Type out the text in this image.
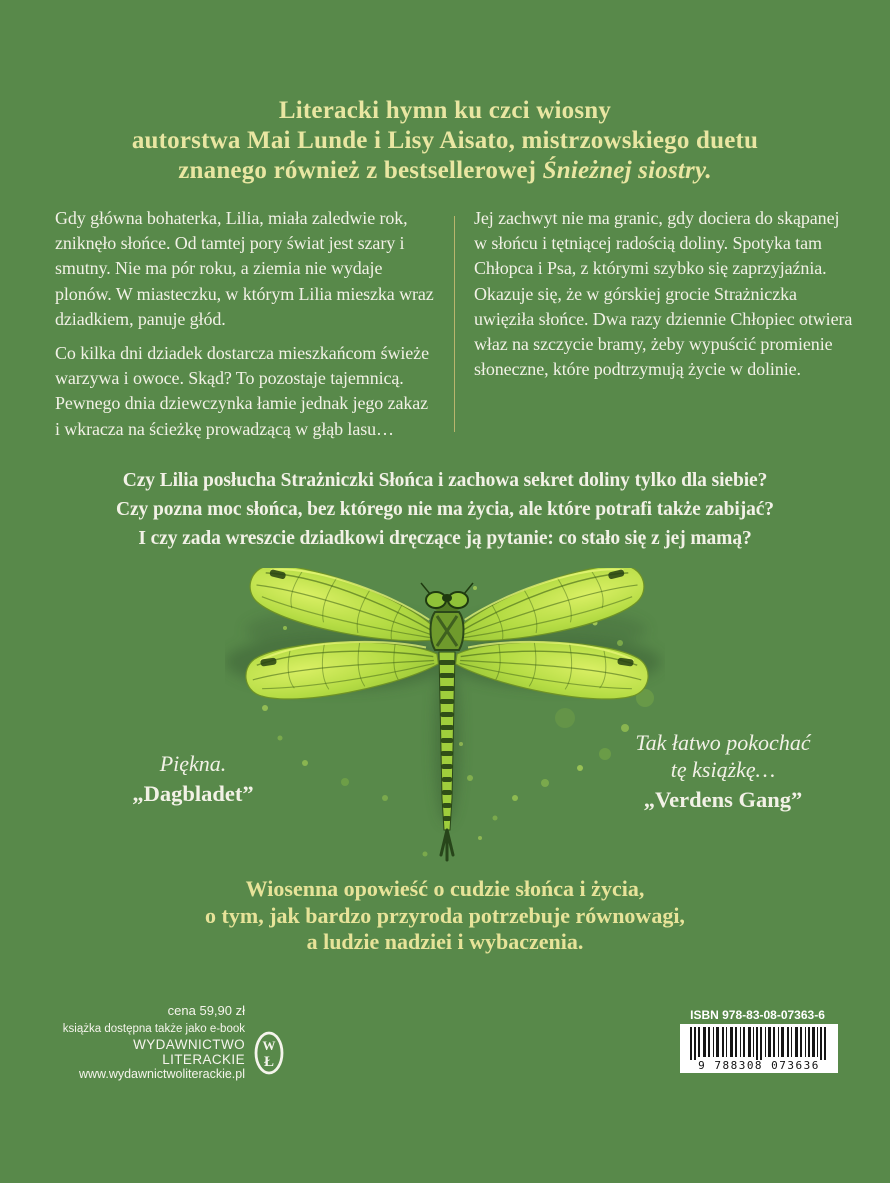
Literacki hymn ku czci wiosny
autorstwa Mai Lunde i Lisy Aisato, mistrzowskiego duetu
znanego również z bestsellerowej Śnieżnej siostry.

Gdy główna bohaterka, Lilia, miała zaledwie rok, zniknęło słońce. Od tamtej pory świat jest szary i smutny. Nie ma pór roku, a ziemia nie wydaje plonów. W miasteczku, w którym Lilia mieszka wraz dziadkiem, panuje głód.

Co kilka dni dziadek dostarcza mieszkańcom świeże warzywa i owoce. Skąd? To pozostaje tajemnicą. Pewnego dnia dziewczynka łamie jednak jego zakaz i wkracza na ścieżkę prowadzącą w głąb lasu…

Jej zachwyt nie ma granic, gdy dociera do skąpanej w słońcu i tętniącej radością doliny. Spotyka tam Chłopca i Psa, z którymi szybko się zaprzyjaźnia. Okazuje się, że w górskiej grocie Strażniczka uwięziła słońce. Dwa razy dziennie Chłopiec otwiera właz na szczycie bramy, żeby wypuścić promienie słoneczne, które podtrzymują życie w dolinie.

Czy Lilia posłucha Strażniczki Słońca i zachowa sekret doliny tylko dla siebie?
Czy pozna moc słońca, bez którego nie ma życia, ale które potrafi także zabijać?
I czy zada wreszcie dziadkowi dręczące ją pytanie: co stało się z jej mamą?
Piękna.
„Dagbladet”
Tak łatwo pokochać
tę książkę…
„Verdens Gang”
Wiosenna opowieść o cudzie słońca i życia,
o tym, jak bardzo przyroda potrzebuje równowagi,
a ludzie nadziei i wybaczenia.
cena 59,90 zł
książka dostępna także jako e-book
WYDAWNICTWO LITERACKIE
www.wydawnictwoliterackie.pl
W
Ł
ISBN 978-83-08-07363-6
9 788308 073636
